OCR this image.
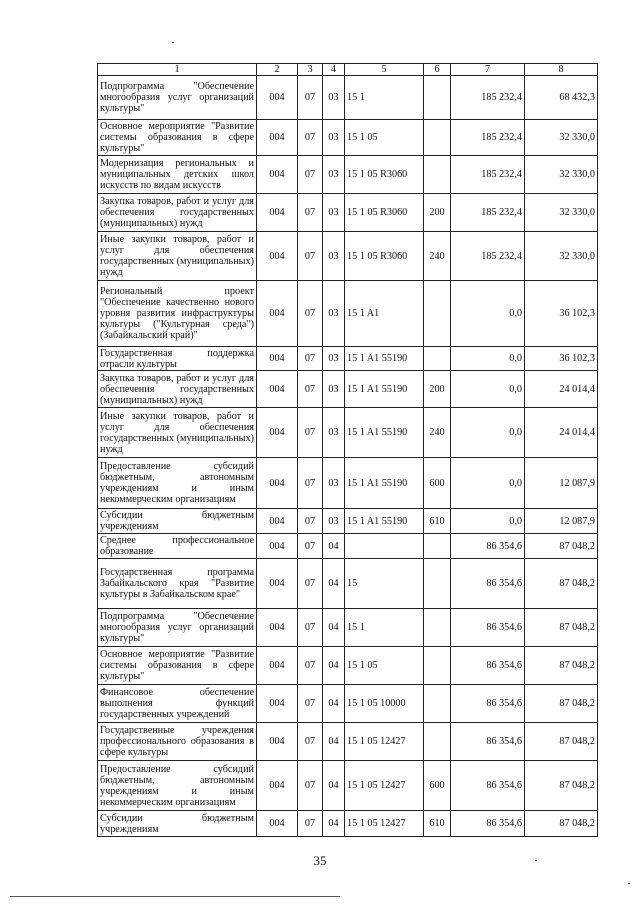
1	2	3	4	5	6	7	8
Подпрограмма "Обеспечение многообразия услуг организаций культуры"	004	07	03	15 1		185 232,4	68 432,3
Основное мероприятие "Развитие системы образования в сфере культуры"	004	07	03	15 1 05		185 232,4	32 330,0
Модернизация региональных и муниципальных детских школ искусств по видам искусств	004	07	03	15 1 05 R3060		185 232,4	32 330,0
Закупка товаров, работ и услуг для обеспечения государственных (муниципальных) нужд	004	07	03	15 1 05 R3060	200	185 232,4	32 330,0
Иные закупки товаров, работ и услуг для обеспечения государственных (муниципальных) нужд	004	07	03	15 1 05 R3060	240	185 232,4	32 330,0
Региональный проект "Обеспечение качественно нового уровня развития инфраструктуры культуры ("Культурная среда") (Забайкальский край)"	004	07	03	15 1 A1		0,0	36 102,3
Государственная поддержка отрасли культуры	004	07	03	15 1 A1 55190		0,0	36 102,3
Закупка товаров, работ и услуг для обеспечения государственных (муниципальных) нужд	004	07	03	15 1 A1 55190	200	0,0	24 014,4
Иные закупки товаров, работ и услуг для обеспечения государственных (муниципальных) нужд	004	07	03	15 1 A1 55190	240	0,0	24 014,4
Предоставление субсидий бюджетным, автономным учреждениям и иным некоммерческим организациям	004	07	03	15 1 A1 55190	600	0,0	12 087,9
Субсидии бюджетным учреждениям	004	07	03	15 1 A1 55190	610	0,0	12 087,9
Среднее профессиональное образование	004	07	04			86 354,6	87 048,2
Государственная программа Забайкальского края "Развитие культуры в Забайкальском крае"	004	07	04	15		86 354,6	87 048,2
Подпрограмма "Обеспечение многообразия услуг организаций культуры"	004	07	04	15 1		86 354,6	87 048,2
Основное мероприятие "Развитие системы образования в сфере культуры"	004	07	04	15 1 05		86 354,6	87 048,2
Финансовое обеспечение выполнения функций государственных учреждений	004	07	04	15 1 05 10000		86 354,6	87 048,2
Государственные учреждения профессионального образования в сфере культуры	004	07	04	15 1 05 12427		86 354,6	87 048,2
Предоставление субсидий бюджетным, автономным учреждениям и иным некоммерческим организациям	004	07	04	15 1 05 12427	600	86 354,6	87 048,2
Субсидии бюджетным учреждениям	004	07	04	15 1 05 12427	610	86 354,6	87 048,2
35
